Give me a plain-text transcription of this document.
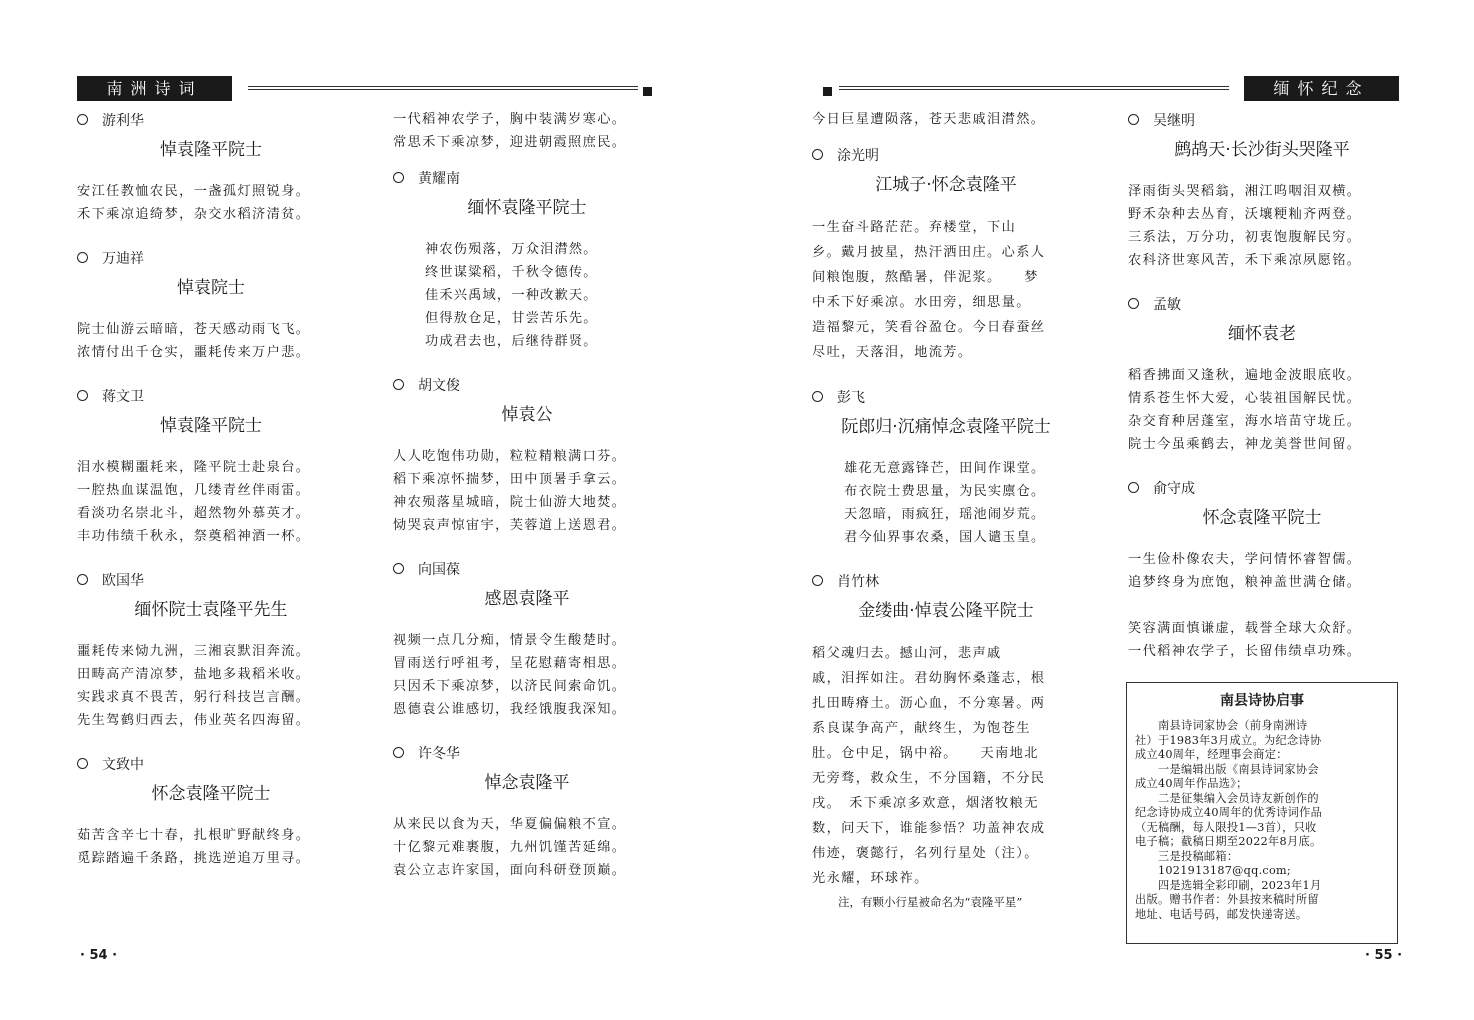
南洲诗词
游利华
悼袁隆平院士
安江任教恤农民，一盏孤灯照锐身。
禾下乘凉追绮梦，杂交水稻济清贫。
万迪祥
悼袁院士
院士仙游云暗暗，苍天感动雨飞飞。
浓情付出千仓实，噩耗传来万户悲。
蒋文卫
悼袁隆平院士
泪水模糊噩耗来，隆平院士赴泉台。
一腔热血谋温饱，几缕青丝伴雨雷。
看淡功名崇北斗，超然物外慕英才。
丰功伟绩千秋永，祭奠稻神酒一杯。
欧国华
缅怀院士袁隆平先生
噩耗传来恸九洲，三湘哀默泪奔流。
田畴高产清凉梦，盐地多栽稻米收。
实践求真不畏苦，躬行科技岂言酬。
先生驾鹤归西去，伟业英名四海留。
文致中
怀念袁隆平院士
茹苦含辛七十春，扎根旷野献终身。
觅踪踏遍千条路，挑选逆追万里寻。
一代稻神农学子，胸中装满岁寒心。
常思禾下乘凉梦，迎进朝霞照庶民。
黄耀南
缅怀袁隆平院士
神农伤殒落，万众泪潸然。
终世谋粱稻，千秋令德传。
佳禾兴禹域，一种改歉天。
但得敖仓足，甘尝苦乐先。
功成君去也，后继待群贤。
胡文俊
悼袁公
人人吃饱伟功勋，粒粒精粮满口芬。
稻下乘凉怀揣梦，田中顶暑手拿云。
神农殒落星城暗，院士仙游大地焚。
恸哭哀声惊宙宇，芙蓉道上送恩君。
向国葆
感恩袁隆平
视频一点几分痴，情景令生酸楚时。
冒雨送行呼祖考，呈花慰藉寄相思。
只因禾下乘凉梦，以济民间索命饥。
恩德袁公谁感切，我经饿腹我深知。
许冬华
悼念袁隆平
从来民以食为天，华夏偏偏粮不宣。
十亿黎元难裹腹，九州饥馑苦延绵。
袁公立志许家国，面向科研登顶巅。
· 54 ·
缅怀纪念
今日巨星遭陨落，苍天悲戚泪潸然。
涂光明
江城子·怀念袁隆平
一生奋斗路茫茫。弃楼堂，下山
乡。戴月披星，热汗洒田庄。心系人
间粮饱腹，熬酷暑，伴泥浆。　　梦
中禾下好乘凉。水田旁，细思量。
造福黎元，笑看谷盈仓。今日春蚕丝
尽吐，天落泪，地流芳。
彭飞
阮郎归·沉痛悼念袁隆平院士
雄花无意露锋芒，田间作课堂。
布衣院士费思量，为民实廪仓。
天忽暗，雨疯狂，瑶池闹岁荒。
君今仙界事农桑，国人谴玉皇。
肖竹林
金缕曲·悼袁公隆平院士
稻父魂归去。撼山河，悲声戚
戚，泪挥如注。君幼胸怀桑蓬志，根
扎田畴瘠土。沥心血，不分寒暑。两
系良谋争高产，献终生，为饱苍生
肚。仓中足，锅中裕。　　天南地北
无旁骛，救众生，不分国籍，不分民
戌。　禾下乘凉多欢意，烟渚牧粮无
数，问天下，谁能参悟？功盖神农成
伟迹，褒懿行，名列行星处（注）。
光永耀，环球祚。
注，有颗小行星被命名为“袁隆平星”
吴继明
鹧鸪天·长沙街头哭隆平
泽雨街头哭稻翁，湘江呜咽泪双横。
野禾杂种去丛育，沃壤粳籼齐两登。
三系法，万分功，初衷饱腹解民穷。
农科济世寒风苦，禾下乘凉夙愿铭。
孟敏
缅怀袁老
稻香拂面又逢秋，遍地金波眼底收。
情系苍生怀大爱，心装祖国解民忧。
杂交育种居蓬室，海水培苗守垅丘。
院士今虽乘鹤去，神龙美誉世间留。
俞守成
怀念袁隆平院士
一生俭朴像农夫，学问情怀睿智儒。
追梦终身为庶饱，粮神盖世满仓储。
笑容满面慎谦虚，载誉全球大众舒。
一代稻神农学子，长留伟绩卓功殊。
南县诗协启事
　　南县诗词家协会（前身南洲诗
社）于1983年3月成立。为纪念诗协
成立40周年，经理事会商定：
　　一是编辑出版《南县诗词家协会
成立40周年作品选》；
　　二是征集编入会员诗友新创作的
纪念诗协成立40周年的优秀诗词作品
（无稿酬，每人限投1—3首），只收
电子稿；截稿日期至2022年8月底。
　　三是投稿邮箱：
　　1021913187@qq.com;
　　四是选辑全彩印刷，2023年1月
出版。赠书作者：外县按来稿时所留
地址、电话号码，邮发快递寄送。
· 55 ·
